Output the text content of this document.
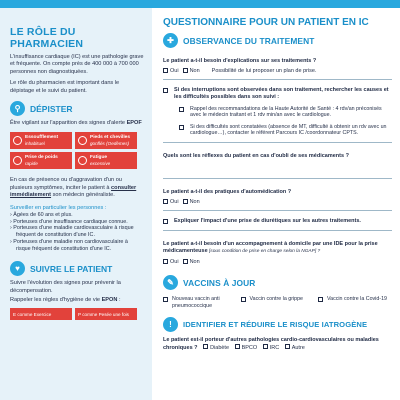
LE RÔLE DU PHARMACIEN
L'insuffisance cardiaque (IC) est une pathologie grave et fréquente. On compte près de 400 000 à 700 000 personnes non diagnostiquées.
Le rôle du pharmacien est important dans le dépistage et le suivi du patient.
⚲	DÉPISTER
Être vigilant sur l'apparition des signes d'alerte EPOF
Essoufflement
inhabituel
Pieds et chevilles
gonflés (Oedèmes)
Prise de poids
rapide
Fatigue
excessive
En cas de présence ou d'aggravation d'un ou plusieurs symptômes, inciter le patient à consulter immédiatement son médecin généraliste.
Surveiller en particulier les personnes :
› Âgées de 60 ans et plus.
› Porteuses d'une insuffisance cardiaque connue.
› Porteuses d'une maladie cardiovasculaire à risque fréquent de constitution d'une IC.
› Porteuses d'une maladie non cardiovasculaire à risque fréquent de constitution d'une IC.
♥	SUIVRE LE PATIENT
Suivre l'évolution des signes pour prévenir la décompensation.
Rappeler les règles d'hygiène de vie EPON :
E comme Exercice	P comme Pesée une fois
QUESTIONNAIRE POUR UN PATIENT EN IC
✚	OBSERVANCE DU TRAITEMENT
Le patient a-t-il besoin d'explications sur ses traitements ?
Oui Non Possibilité de lui proposer un plan de prise.
Si des interruptions sont observées dans son traitement, rechercher les causes et les difficultés possibles dans son suivi :
Rappel des recommandations de la Haute Autorité de Santé : 4 rdv/an préconisés avec le médecin traitant et 1 rdv min/an avec le cardiologue.
Si des difficultés sont constatées (absence de MT, difficulté à obtenir un rdv avec un cardiologue…), contacter le référent Parcours IC /coordonnateur CPTS.
Quels sont les réflexes du patient en cas d'oubli de ses médicaments ?
Le patient a-t-il des pratiques d'automédication ?
Oui Non
Expliquer l'impact d'une prise de diurétiques sur les autres traitements.
Le patient a-t-il besoin d'un accompagnement à domicile par une IDE pour la prise médicamenteuse [sous condition de prise en charge selon la NGAP] ?
Oui Non
✎	VACCINS À JOUR
Nouveau vaccin anti pneumococcique
Vaccin contre la grippe	Vaccin contre la Covid-19
!	IDENTIFIER ET RÉDUIRE LE RISQUE IATROGÈNE
Le patient est-il porteur d'autres pathologies cardio-cardiovasculaires ou maladies chroniques ? Diabète BPCO IRC Autre
